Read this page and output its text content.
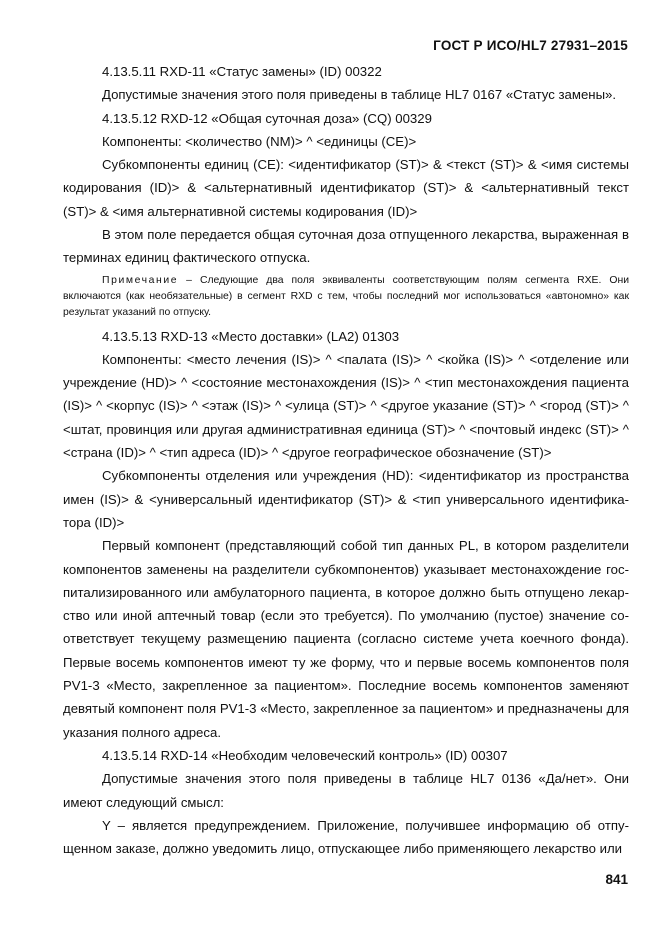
ГОСТ Р ИСО/HL7 27931–2015

4.13.5.11 RXD-11 «Статус замены» (ID) 00322

Допустимые значения этого поля приведены в таблице HL7 0167 «Статус замены».

4.13.5.12 RXD-12 «Общая суточная доза» (CQ) 00329

Компоненты: <количество (NM)> ^ <единицы (CE)>

Субкомпоненты единиц (CE): <идентификатор (ST)> & <текст (ST)> & <имя системы кодирования (ID)> & <альтернативный идентификатор (ST)> & <альтернативный текст (ST)> & <имя альтернативной системы кодирования (ID)>

В этом поле передается общая суточная доза отпущенного лекарства, выраженная в терминах единиц фактического отпуска.

Примечание – Следующие два поля эквиваленты соответствующим полям сегмента RXE. Они включаются (как необязательные) в сегмент RXD с тем, чтобы последний мог использоваться «автономно» как результат указаний по отпуску.

4.13.5.13 RXD-13 «Место доставки» (LA2) 01303

Компоненты: <место лечения (IS)> ^ <палата (IS)> ^ <койка (IS)> ^ <отделение или учреждение (HD)> ^ <состояние местонахождения (IS)> ^ <тип местонахождения пациента (IS)> ^ <корпус (IS)> ^ <этаж (IS)> ^ <улица (ST)> ^ <другое указание (ST)> ^ <город (ST)> ^ <штат, провинция или другая административная единица (ST)> ^ <почтовый индекс (ST)> ^ <страна (ID)> ^ <тип адреса (ID)> ^ <другое географическое обозначение (ST)>

Субкомпоненты отделения или учреждения (HD): <идентификатор из пространства имен (IS)> & <универсальный идентификатор (ST)> & <тип универсального идентифика-тора (ID)>

Первый компонент (представляющий собой тип данных PL, в котором разделители компонентов заменены на разделители субкомпонентов) указывает местонахождение гос-питализированного или амбулаторного пациента, в которое должно быть отпущено лекар-ство или иной аптечный товар (если это требуется). По умолчанию (пустое) значение со-ответствует текущему размещению пациента (согласно системе учета коечного фонда). Первые восемь компонентов имеют ту же форму, что и первые восемь компонентов поля PV1-3 «Место, закрепленное за пациентом». Последние восемь компонентов заменяют девятый компонент поля PV1-3 «Место, закрепленное за пациентом» и предназначены для указания полного адреса.

4.13.5.14 RXD-14 «Необходим человеческий контроль» (ID) 00307

Допустимые значения этого поля приведены в таблице HL7 0136 «Да/нет». Они имеют следующий смысл:

Y – является предупреждением. Приложение, получившее информацию об отпу-щенном заказе, должно уведомить лицо, отпускающее либо применяющего лекарство или

841
